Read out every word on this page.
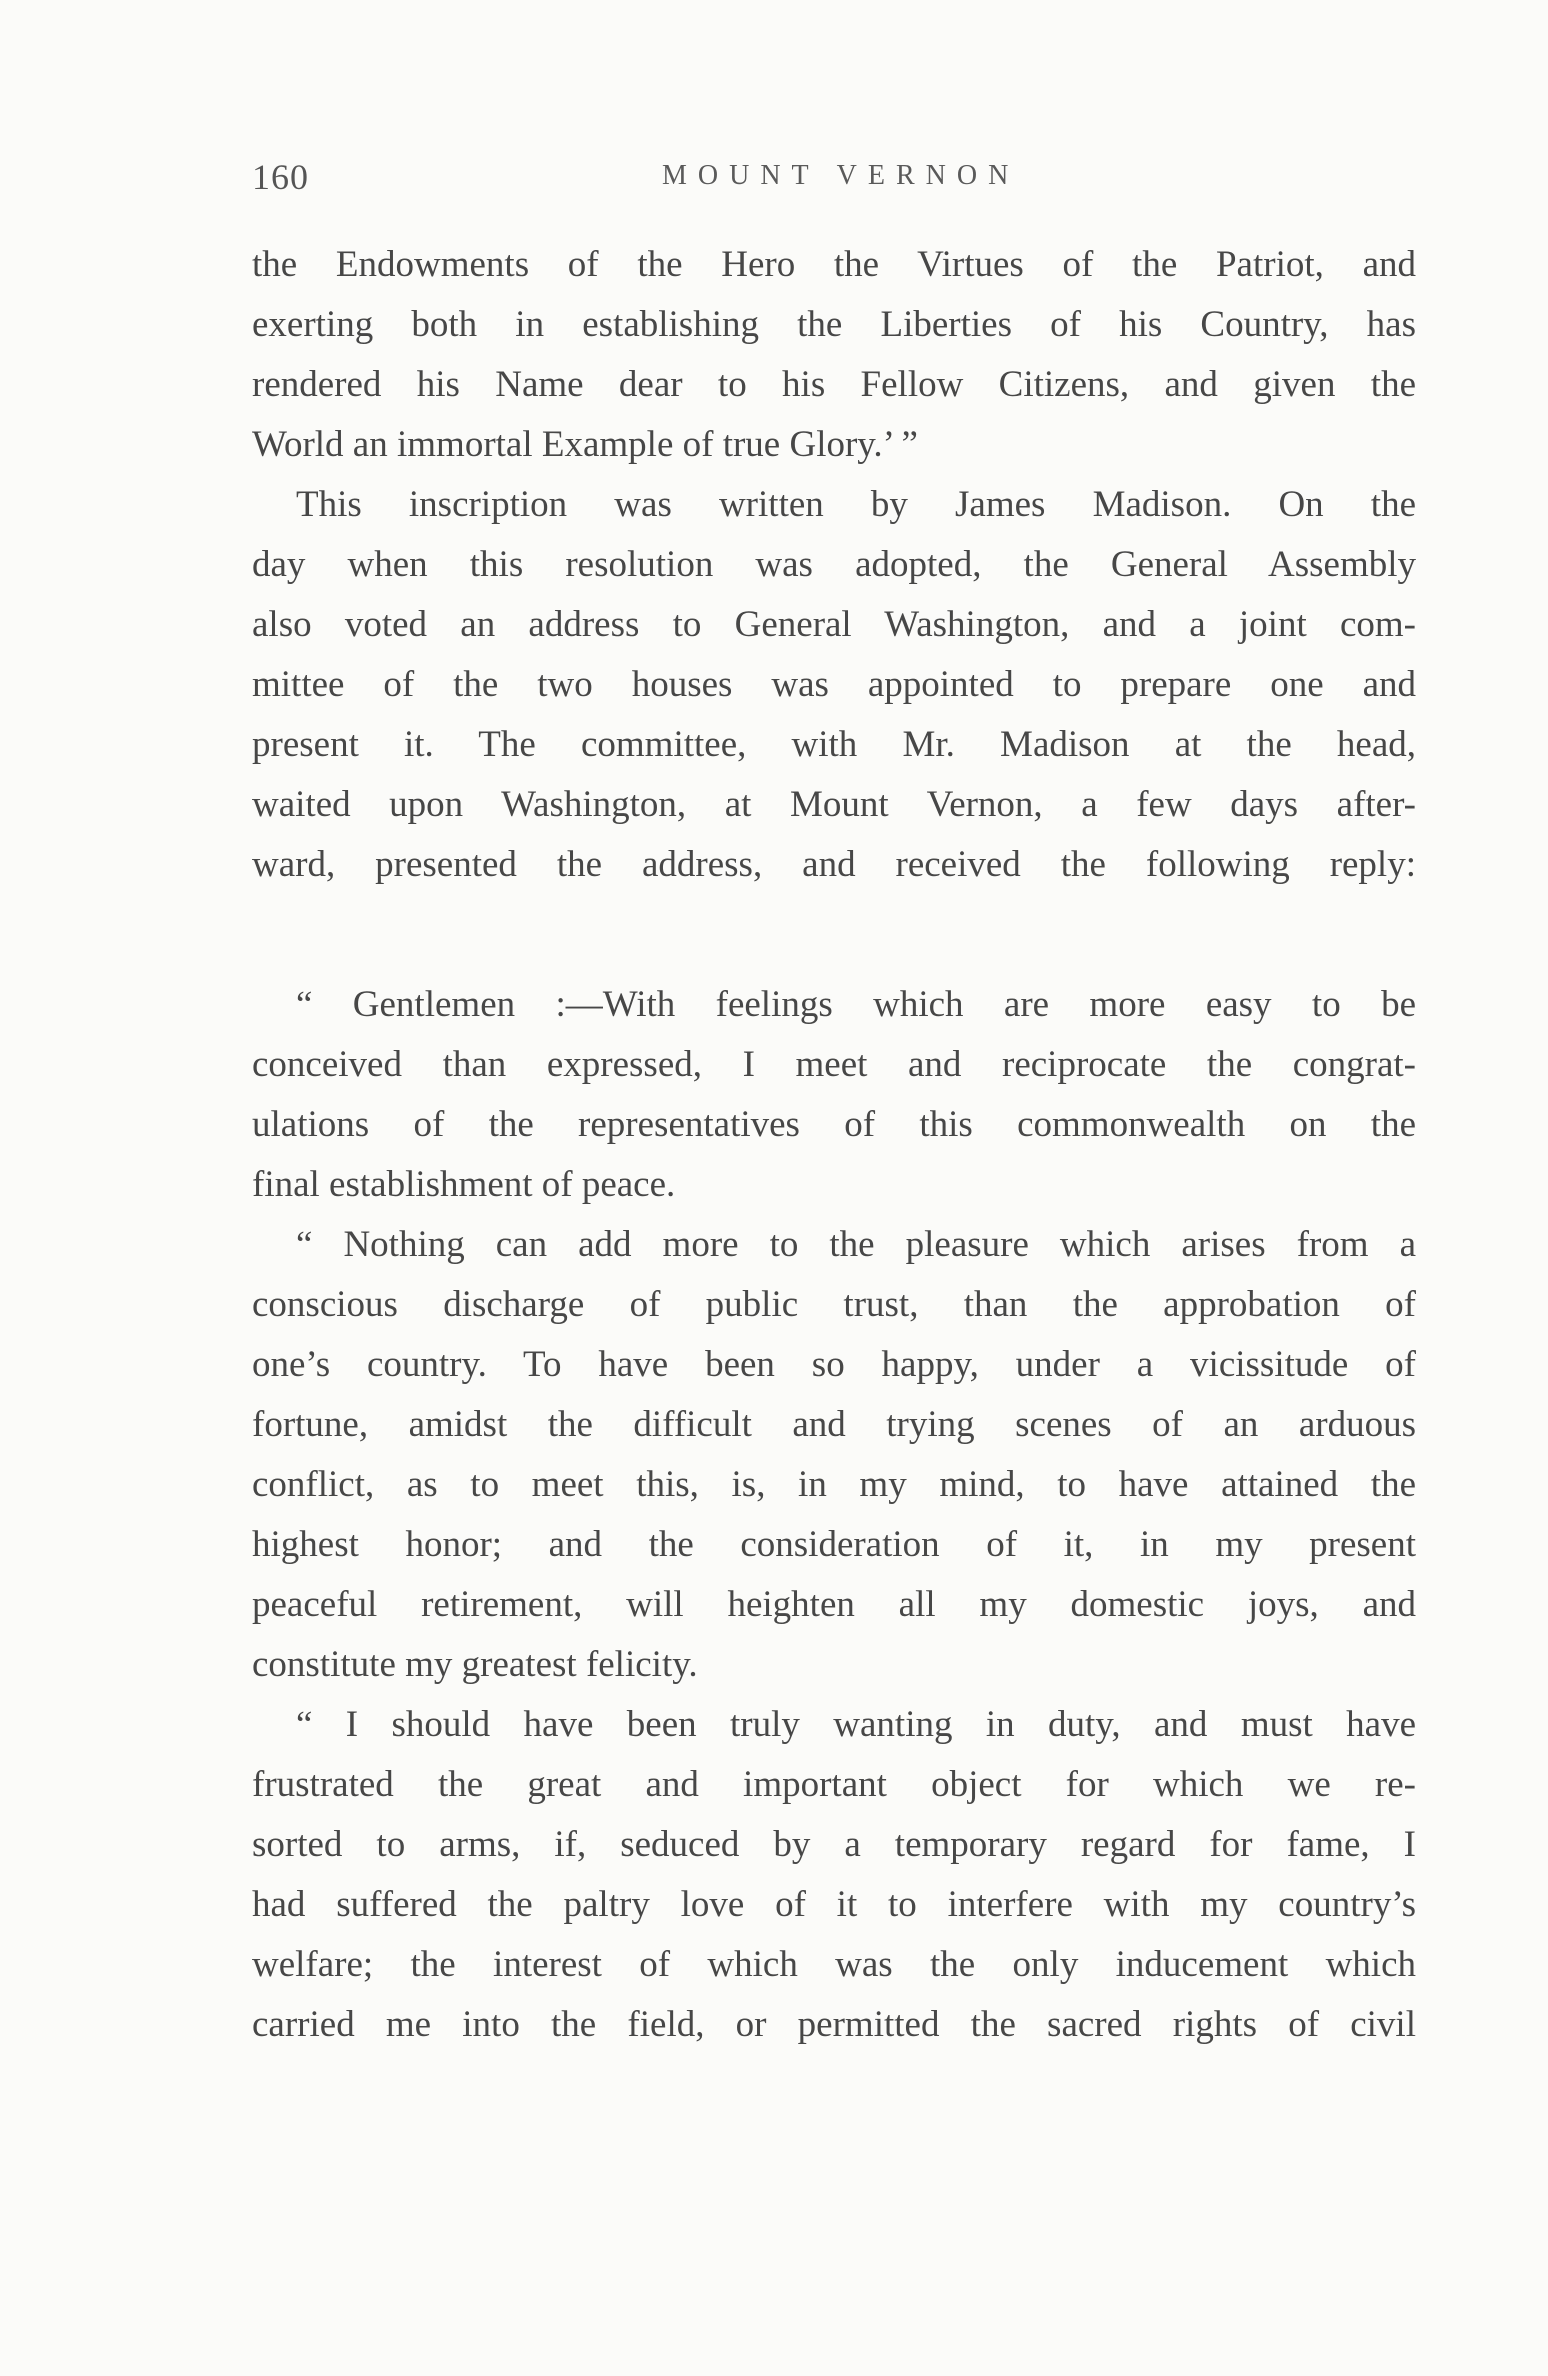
160	MOUNT VERNON
the Endowments of the Hero the Virtues of the Patriot, and
exerting both in establishing the Liberties of his Country, has
rendered his Name dear to his Fellow Citizens, and given the
World an immortal Example of true Glory.’ ”
This inscription was written by James Madison. On the
day when this resolution was adopted, the General Assembly
also voted an address to General Washington, and a joint com-
mittee of the two houses was appointed to prepare one and
present it. The committee, with Mr. Madison at the head,
waited upon Washington, at Mount Vernon, a few days after-
ward, presented the address, and received the following reply:
“ Gentlemen :—With feelings which are more easy to be
conceived than expressed, I meet and reciprocate the congrat-
ulations of the representatives of this commonwealth on the
final establishment of peace.
“ Nothing can add more to the pleasure which arises from a
conscious discharge of public trust, than the approbation of
one’s country. To have been so happy, under a vicissitude of
fortune, amidst the difficult and trying scenes of an arduous
conflict, as to meet this, is, in my mind, to have attained the
highest honor; and the consideration of it, in my present
peaceful retirement, will heighten all my domestic joys, and
constitute my greatest felicity.
“ I should have been truly wanting in duty, and must have
frustrated the great and important object for which we re-
sorted to arms, if, seduced by a temporary regard for fame, I
had suffered the paltry love of it to interfere with my country’s
welfare; the interest of which was the only inducement which
carried me into the field, or permitted the sacred rights of civil
